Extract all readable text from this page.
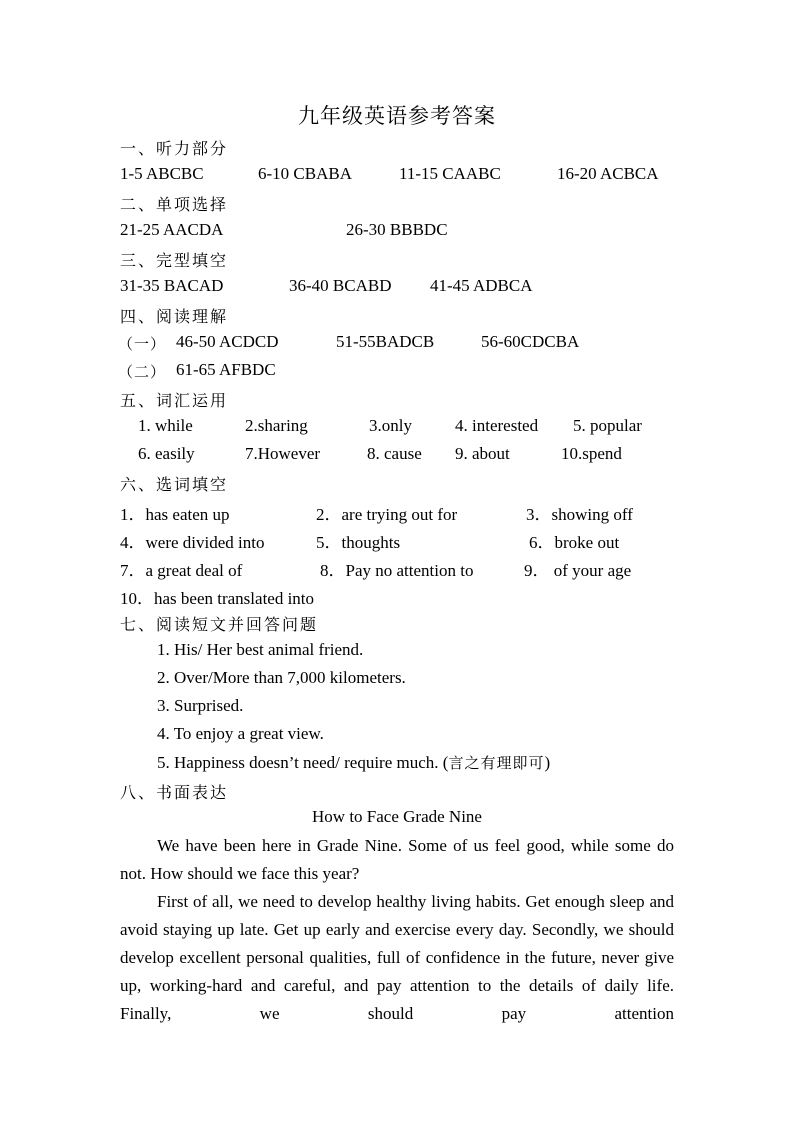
九年级英语参考答案
一、听力部分
1-5 ABCBC	6-10 CBABA	11-15 CAABC	16-20 ACBCA
二、单项选择
21-25 AACDA	26-30 BBBDC
三、完型填空
31-35 BACAD	36-40 BCABD 41-45 ADBCA
四、阅读理解
（一） 46-50 ACDCD	51-55BADCB	56-60CDCBA
（二） 61-65 AFBDC
五、词汇运用
1. while	2.sharing	3.only	4. interested 5. popular
6. easily	7.However	8. cause 9. about	10.spend
六、选词填空
1．has eaten up	2．are trying out for	3．showing off
4．were divided into	5．thoughts	6．broke out
7．a great deal of	8．Pay no attention to	9． of your age
10．has been translated into
七、阅读短文并回答问题
1. His/ Her best animal friend.
2. Over/More than 7,000 kilometers.
3. Surprised.
4. To enjoy a great view.
5. Happiness doesn’t need/ require much. (言之有理即可)
八、书面表达
How to Face Grade Nine
We have been here in Grade Nine. Some of us feel good, while some do not. How should we face this year?
First of all, we need to develop healthy living habits. Get enough sleep and avoid staying up late. Get up early and exercise every day. Secondly, we should develop excellent personal qualities, full of confidence in the future, never give up, working-hard and careful, and pay attention to the details of daily life. Finally, we should pay attention
